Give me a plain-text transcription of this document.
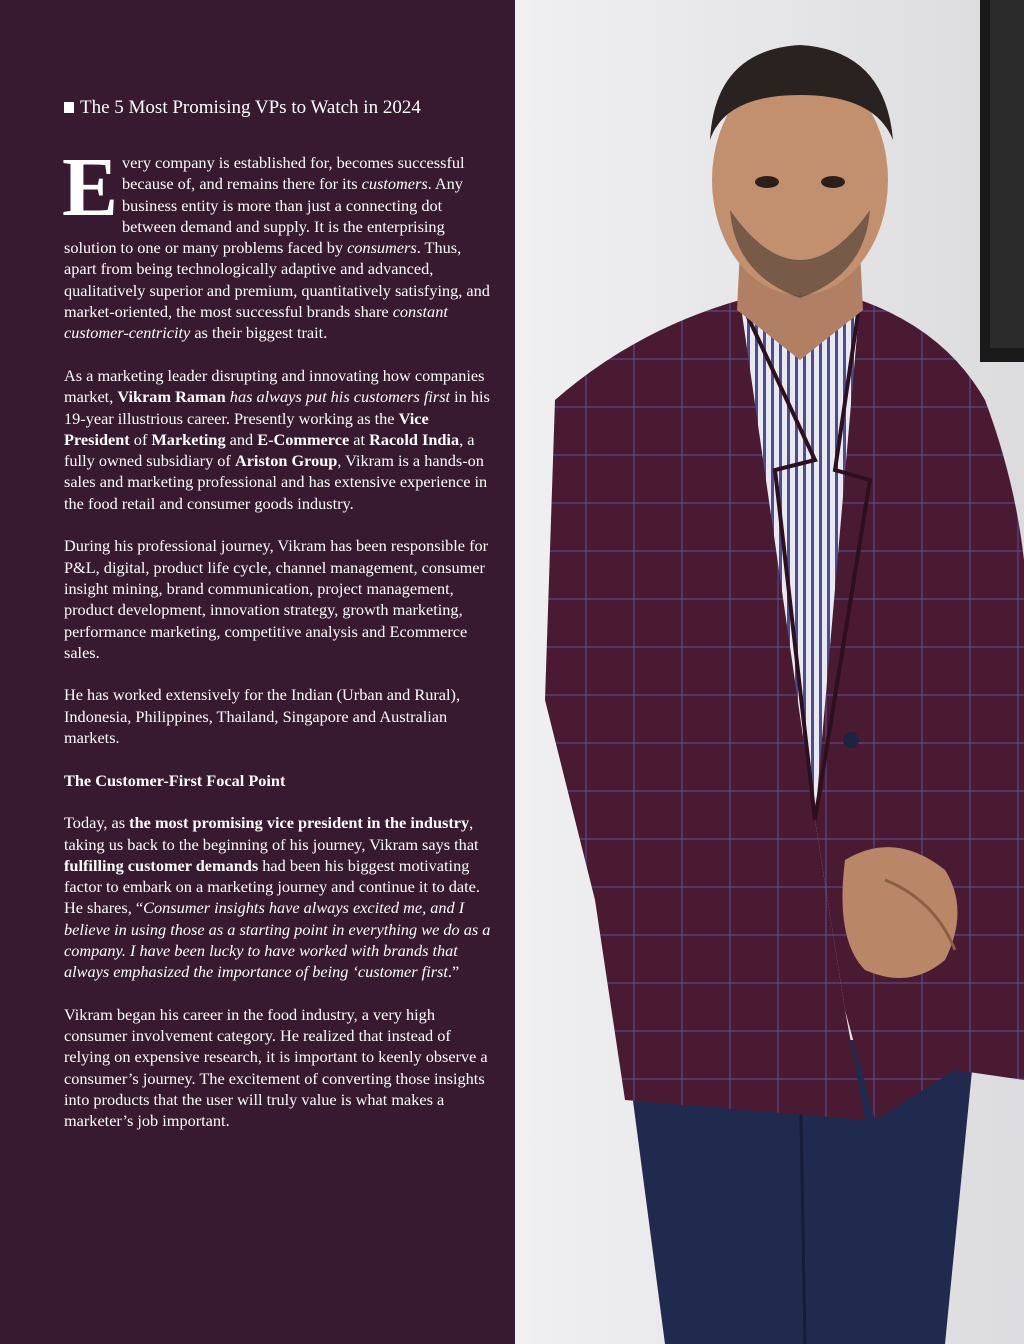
The 5 Most Promising VPs to Watch in 2024

Every company is established for, becomes successful because of, and remains there for its customers. Any business entity is more than just a connecting dot between demand and supply. It is the enterprising solution to one or many problems faced by consumers. Thus, apart from being technologically adaptive and advanced, qualitatively superior and premium, quantitatively satisfying, and market-oriented, the most successful brands share constant customer-centricity as their biggest trait.

As a marketing leader disrupting and innovating how companies market, Vikram Raman has always put his customers first in his 19-year illustrious career. Presently working as the Vice President of Marketing and E-Commerce at Racold India, a fully owned subsidiary of Ariston Group, Vikram is a hands-on sales and marketing professional and has extensive experience in the food retail and consumer goods industry.

During his professional journey, Vikram has been responsible for P&L, digital, product life cycle, channel management, consumer insight mining, brand communication, project management, product development, innovation strategy, growth marketing, performance marketing, competitive analysis and Ecommerce sales.

He has worked extensively for the Indian (Urban and Rural), Indonesia, Philippines, Thailand, Singapore and Australian markets.

The Customer-First Focal Point

Today, as the most promising vice president in the industry, taking us back to the beginning of his journey, Vikram says that fulfilling customer demands had been his biggest motivating factor to embark on a marketing journey and continue it to date. He shares, “Consumer insights have always excited me, and I believe in using those as a starting point in everything we do as a company. I have been lucky to have worked with brands that always emphasized the importance of being ‘customer first.”

Vikram began his career in the food industry, a very high consumer involvement category. He realized that instead of relying on expensive research, it is important to keenly observe a consumer’s journey. The excitement of converting those insights into products that the user will truly value is what makes a marketer’s job important.
